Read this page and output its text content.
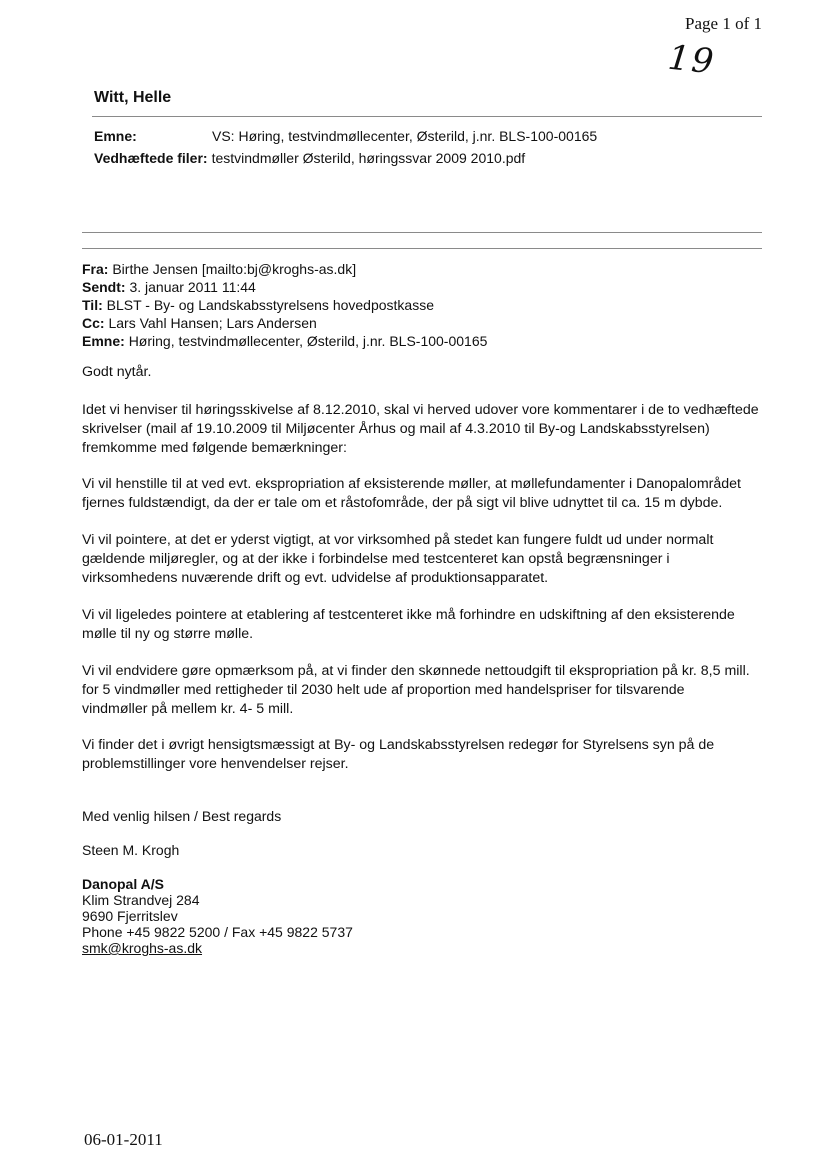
Page 1 of 1
19
Witt, Helle
Emne:	VS: Høring, testvindmøllecenter, Østerild, j.nr. BLS-100-00165
Vedhæftede filer: testvindmøller Østerild, høringssvar 2009 2010.pdf
Fra: Birthe Jensen [mailto:bj@kroghs-as.dk]
Sendt: 3. januar 2011 11:44
Til: BLST - By- og Landskabsstyrelsens hovedpostkasse
Cc: Lars Vahl Hansen; Lars Andersen
Emne: Høring, testvindmøllecenter, Østerild, j.nr. BLS-100-00165
Godt nytår.
Idet vi henviser til høringsskivelse af 8.12.2010, skal vi herved udover vore kommentarer i de to vedhæftede
skrivelser (mail af 19.10.2009 til Miljøcenter Århus og mail af 4.3.2010 til By-og Landskabsstyrelsen)
fremkomme med følgende bemærkninger:
Vi vil henstille til at ved evt. ekspropriation af eksisterende møller, at møllefundamenter i Danopalområdet
fjernes fuldstændigt, da der er tale om et råstofområde, der på sigt vil blive udnyttet til ca. 15 m dybde.
Vi vil pointere, at det er yderst vigtigt, at vor virksomhed på stedet kan fungere fuldt ud under normalt
gældende miljøregler, og at der ikke i forbindelse med testcenteret kan opstå begrænsninger i
virksomhedens nuværende drift og evt. udvidelse af produktionsapparatet.
Vi vil ligeledes pointere at etablering af testcenteret ikke må forhindre en udskiftning af den eksisterende
mølle til ny og større mølle.
Vi vil endvidere gøre opmærksom på, at vi finder den skønnede nettoudgift til ekspropriation på kr. 8,5 mill.
for 5 vindmøller med rettigheder til 2030 helt ude af proportion med handelspriser for tilsvarende
vindmøller på mellem kr. 4- 5 mill.
Vi finder det i øvrigt hensigtsmæssigt at By- og Landskabsstyrelsen redegør for Styrelsens syn på de
problemstillinger vore henvendelser rejser.
Med venlig hilsen / Best regards
Steen M. Krogh
Danopal A/S
Klim Strandvej 284
9690 Fjerritslev
Phone +45 9822 5200 / Fax +45 9822 5737
smk@kroghs-as.dk
06-01-2011
